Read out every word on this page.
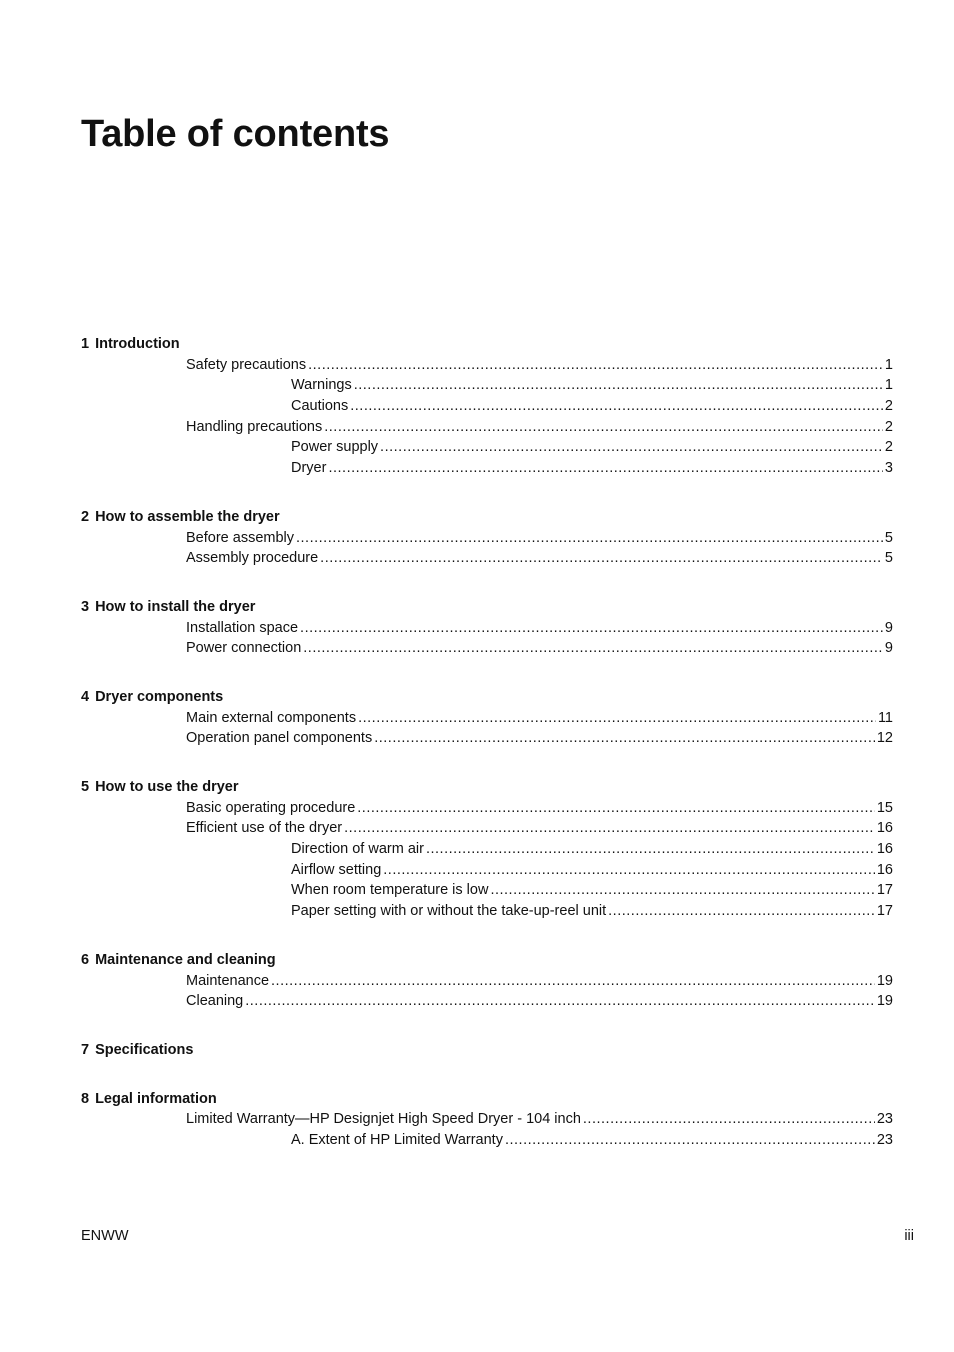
Table of contents
1 Introduction
Safety precautions .....	1
Warnings .....	1
Cautions .....	2
Handling precautions .....	2
Power supply .....	2
Dryer .....	3
2 How to assemble the dryer
Before assembly .....	5
Assembly procedure .....	5
3 How to install the dryer
Installation space .....	9
Power connection .....	9
4 Dryer components
Main external components .....	11
Operation panel components .....	12
5 How to use the dryer
Basic operating procedure .....	15
Efficient use of the dryer .....	16
Direction of warm air .....	16
Airflow setting .....	16
When room temperature is low .....	17
Paper setting with or without the take-up-reel unit .....	17
6 Maintenance and cleaning
Maintenance .....	19
Cleaning .....	19
7 Specifications
8 Legal information
Limited Warranty—HP Designjet High Speed Dryer - 104 inch .....	23
A. Extent of HP Limited Warranty .....	23
ENWW	iii
